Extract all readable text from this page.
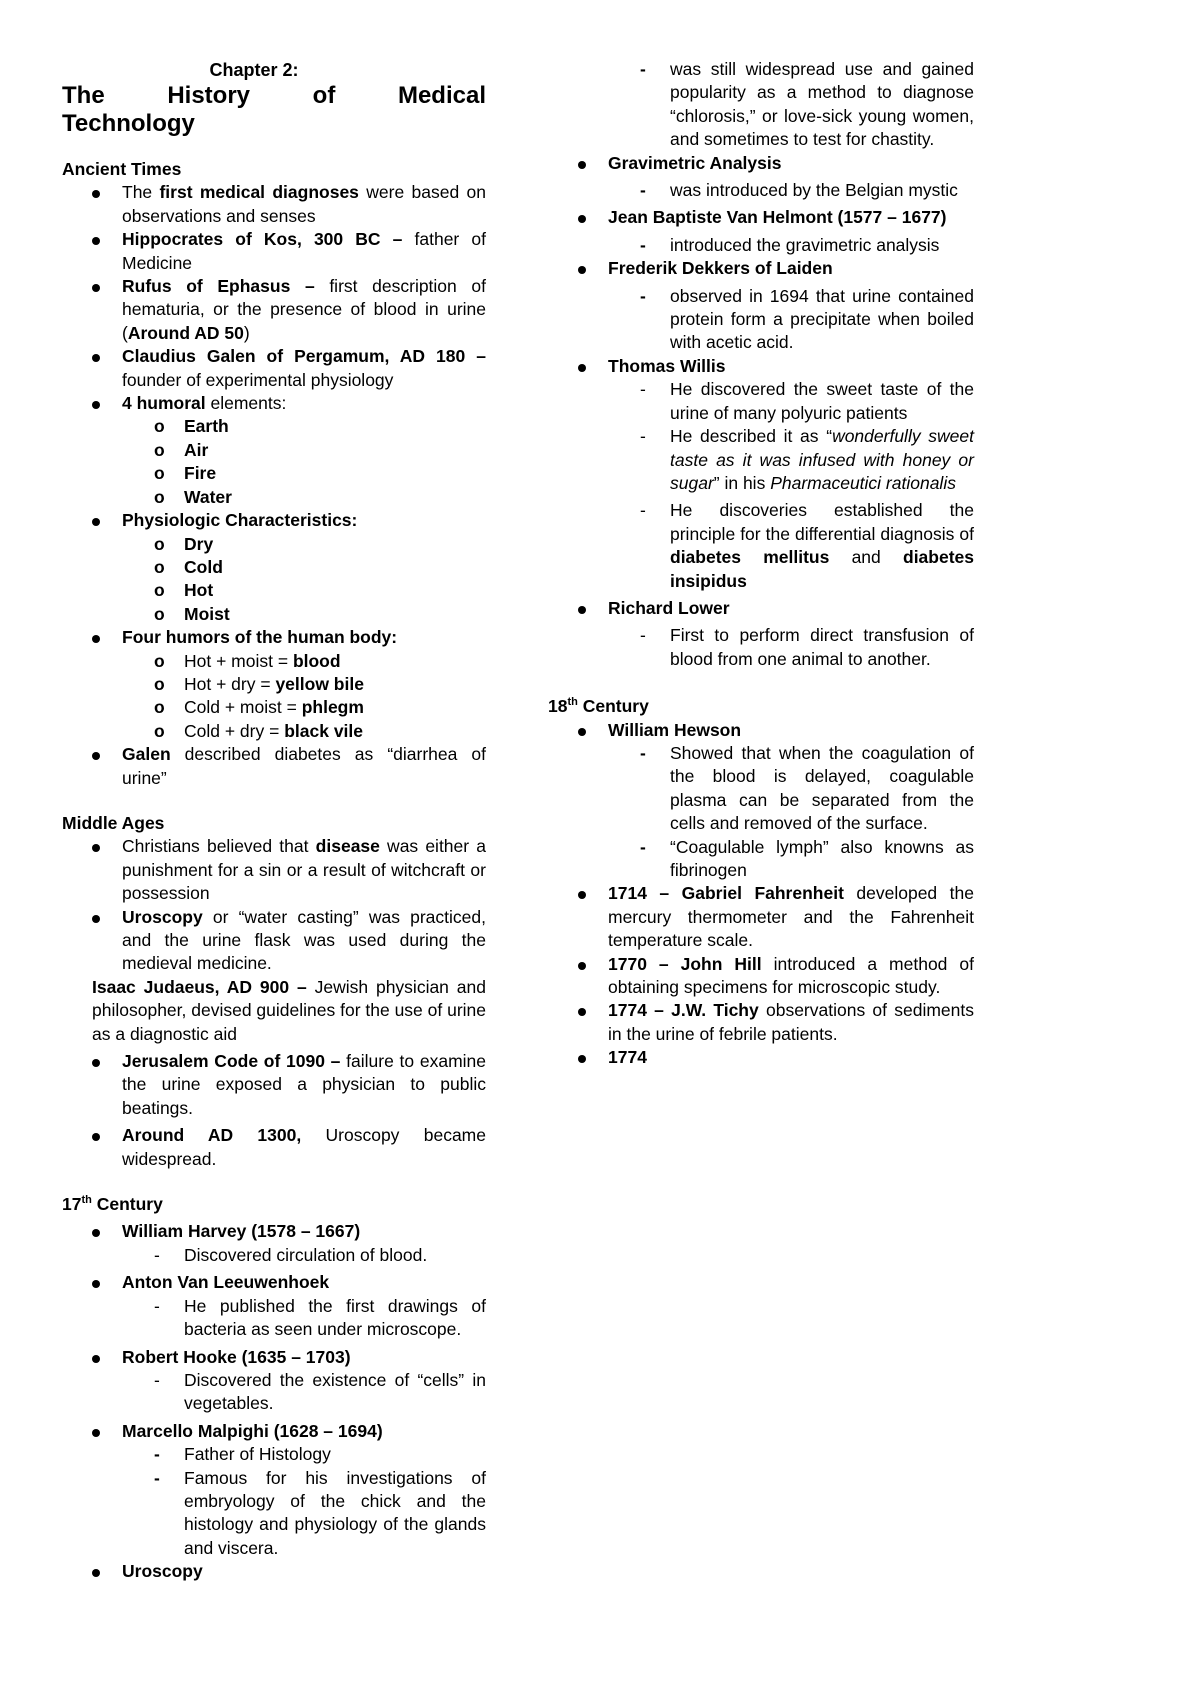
Chapter 2:
The History of Medical
Technology
Ancient Times
The first medical diagnoses were based on observations and senses
Hippocrates of Kos, 300 BC – father of Medicine
Rufus of Ephasus – first description of hematuria, or the presence of blood in urine (Around AD 50)
Claudius Galen of Pergamum, AD 180 – founder of experimental physiology
4 humoral elements:
o Earth
o Air
o Fire
o Water
Physiologic Characteristics:
o Dry
o Cold
o Hot
o Moist
Four humors of the human body:
o Hot + moist = blood
o Hot + dry = yellow bile
o Cold + moist = phlegm
o Cold + dry = black vile
Galen described diabetes as “diarrhea of urine”
Middle Ages
Christians believed that disease was either a punishment for a sin or a result of witchcraft or possession
Uroscopy or “water casting” was practiced, and the urine flask was used during the medieval medicine.
Isaac Judaeus, AD 900 – Jewish physician and philosopher, devised guidelines for the use of urine as a diagnostic aid
Jerusalem Code of 1090 – failure to examine the urine exposed a physician to public beatings.
Around AD 1300, Uroscopy became widespread.
17th Century
William Harvey (1578 – 1667)
- Discovered circulation of blood.
Anton Van Leeuwenhoek
- He published the first drawings of bacteria as seen under microscope.
Robert Hooke (1635 – 1703)
- Discovered the existence of “cells” in vegetables.
Marcello Malpighi (1628 – 1694)
- Father of Histology
- Famous for his investigations of embryology of the chick and the histology and physiology of the glands and viscera.
Uroscopy
- was still widespread use and gained popularity as a method to diagnose “chlorosis,” or love-sick young women, and sometimes to test for chastity.
Gravimetric Analysis
- was introduced by the Belgian mystic
Jean Baptiste Van Helmont (1577 – 1677)
- introduced the gravimetric analysis
Frederik Dekkers of Laiden
- observed in 1694 that urine contained protein form a precipitate when boiled with acetic acid.
Thomas Willis
- He discovered the sweet taste of the urine of many polyuric patients
- He described it as “wonderfully sweet taste as it was infused with honey or sugar” in his Pharmaceutici rationalis
- He discoveries established the principle for the differential diagnosis of diabetes mellitus and diabetes insipidus
Richard Lower
- First to perform direct transfusion of blood from one animal to another.
18th Century
William Hewson
- Showed that when the coagulation of the blood is delayed, coagulable plasma can be separated from the cells and removed of the surface.
- “Coagulable lymph” also knowns as fibrinogen
1714 – Gabriel Fahrenheit developed the mercury thermometer and the Fahrenheit temperature scale.
1770 – John Hill introduced a method of obtaining specimens for microscopic study.
1774 – J.W. Tichy observations of sediments in the urine of febrile patients.
1774
